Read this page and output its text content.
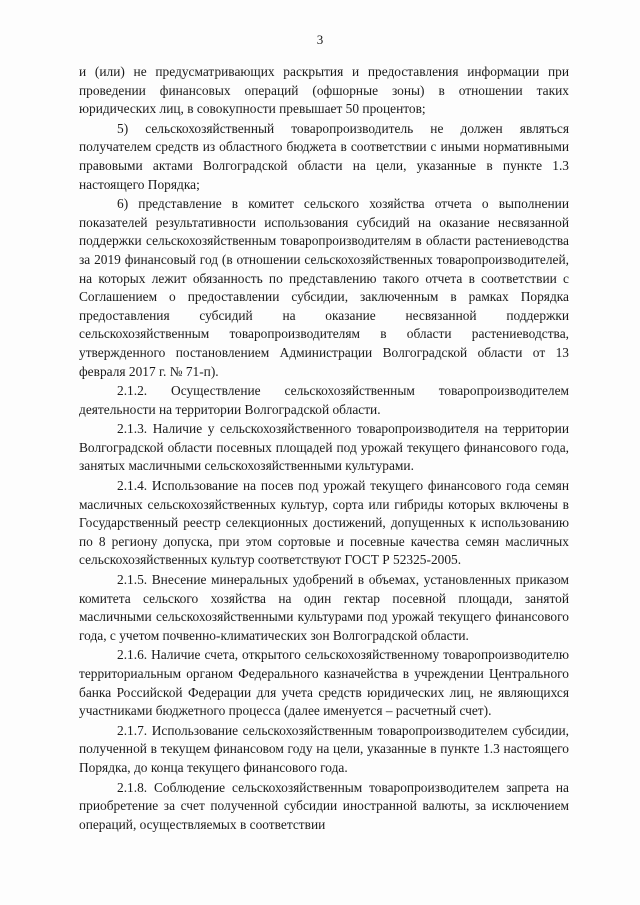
3

и (или) не предусматривающих раскрытия и предоставления информации при проведении финансовых операций (офшорные зоны) в отношении таких юридических лиц, в совокупности превышает 50 процентов;

5) сельскохозяйственный товаропроизводитель не должен являться получателем средств из областного бюджета в соответствии с иными нормативными правовыми актами Волгоградской области на цели, указанные в пункте 1.3 настоящего Порядка;

6) представление в комитет сельского хозяйства отчета о выполнении показателей результативности использования субсидий на оказание несвязанной поддержки сельскохозяйственным товаропроизводителям в области растениеводства за 2019 финансовый год (в отношении сельскохозяйственных товаропроизводителей, на которых лежит обязанность по представлению такого отчета в соответствии с Соглашением о предоставлении субсидии, заключенным в рамках Порядка предоставления субсидий на оказание несвязанной поддержки сельскохозяйственным товаропроизводителям в области растениеводства, утвержденного постановлением Администрации Волгоградской области от 13 февраля 2017 г. № 71-п).

2.1.2. Осуществление сельскохозяйственным товаропроизводителем деятельности на территории Волгоградской области.

2.1.3. Наличие у сельскохозяйственного товаропроизводителя на территории Волгоградской области посевных площадей под урожай текущего финансового года, занятых масличными сельскохозяйственными культурами.

2.1.4. Использование на посев под урожай текущего финансового года семян масличных сельскохозяйственных культур, сорта или гибриды которых включены в Государственный реестр селекционных достижений, допущенных к использованию по 8 региону допуска, при этом сортовые и посевные качества семян масличных сельскохозяйственных культур соответствуют ГОСТ Р 52325-2005.

2.1.5. Внесение минеральных удобрений в объемах, установленных приказом комитета сельского хозяйства на один гектар посевной площади, занятой масличными сельскохозяйственными культурами под урожай текущего финансового года, с учетом почвенно-климатических зон Волгоградской области.

2.1.6. Наличие счета, открытого сельскохозяйственному товаропроизводителю территориальным органом Федерального казначейства в учреждении Центрального банка Российской Федерации для учета средств юридических лиц, не являющихся участниками бюджетного процесса (далее именуется – расчетный счет).

2.1.7. Использование сельскохозяйственным товаропроизводителем субсидии, полученной в текущем финансовом году на цели, указанные в пункте 1.3 настоящего Порядка, до конца текущего финансового года.

2.1.8. Соблюдение сельскохозяйственным товаропроизводителем запрета на приобретение за счет полученной субсидии иностранной валюты, за исключением операций, осуществляемых в соответствии
